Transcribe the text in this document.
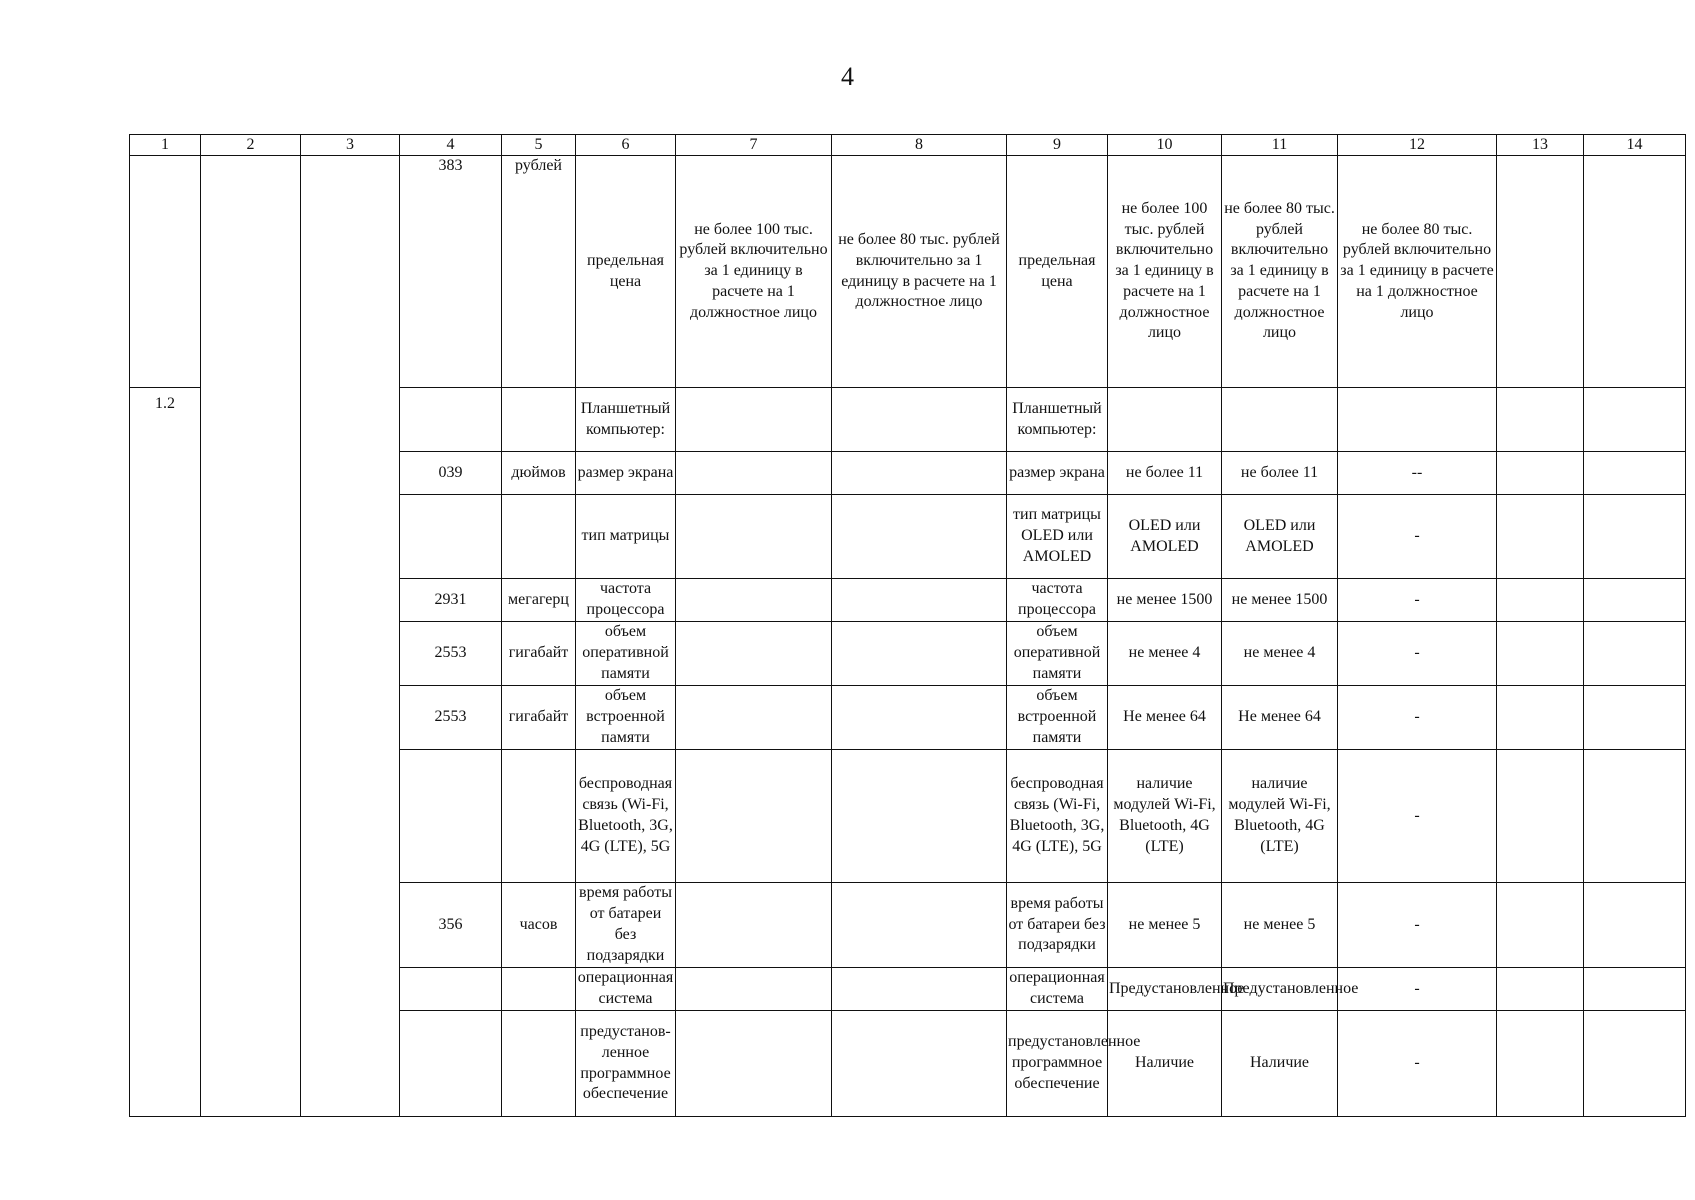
4
1	2	3	4	5	6	7	8	9	10	11	12	13	14
			383	рублей	предельная цена	не более 100 тыс. рублей включительно за 1 единицу в расчете на 1 должностное лицо	не более 80 тыс. рублей включительно за 1 единицу в расчете на 1 должностное лицо	предельная цена	не более 100 тыс. рублей включительно за 1 единицу в расчете на 1 должностное лицо	не более 80 тыс. рублей включительно за 1 единицу в расчете на 1 должностное лицо	не более 80 тыс. рублей включительно за 1 единицу в расчете на 1 должностное лицо		
1.2					Планшетный компьютер:			Планшетный компьютер:					
			039	дюймов	размер экрана			размер экрана	не более 11	не более 11	--		
					тип матрицы			тип матрицы OLED или AMOLED	OLED или AMOLED	OLED или AMOLED	-		
			2931	мегагерц	частота процессора			частота процессора	не менее 1500	не менее 1500	-		
			2553	гигабайт	объем оперативной памяти			объем оперативной памяти	не менее 4	не менее 4	-		
			2553	гигабайт	объем встроенной памяти			объем встроенной памяти	Не менее 64	Не менее 64	-		
					беспроводная связь (Wi-Fi, Bluetooth, 3G, 4G (LTE), 5G			беспроводная связь (Wi-Fi, Bluetooth, 3G, 4G (LTE), 5G	наличие модулей Wi-Fi, Bluetooth, 4G (LTE)	наличие модулей Wi-Fi, Bluetooth, 4G (LTE)	-		
			356	часов	время работы от батареи без подзарядки			время работы от батареи без подзарядки	не менее 5	не менее 5	-		
					операционная система			операционная система	Предустановленное	Предустановленное	-		
					предустанов-ленное программное обеспечение			предустановленное программное обеспечение	Наличие	Наличие	-		
